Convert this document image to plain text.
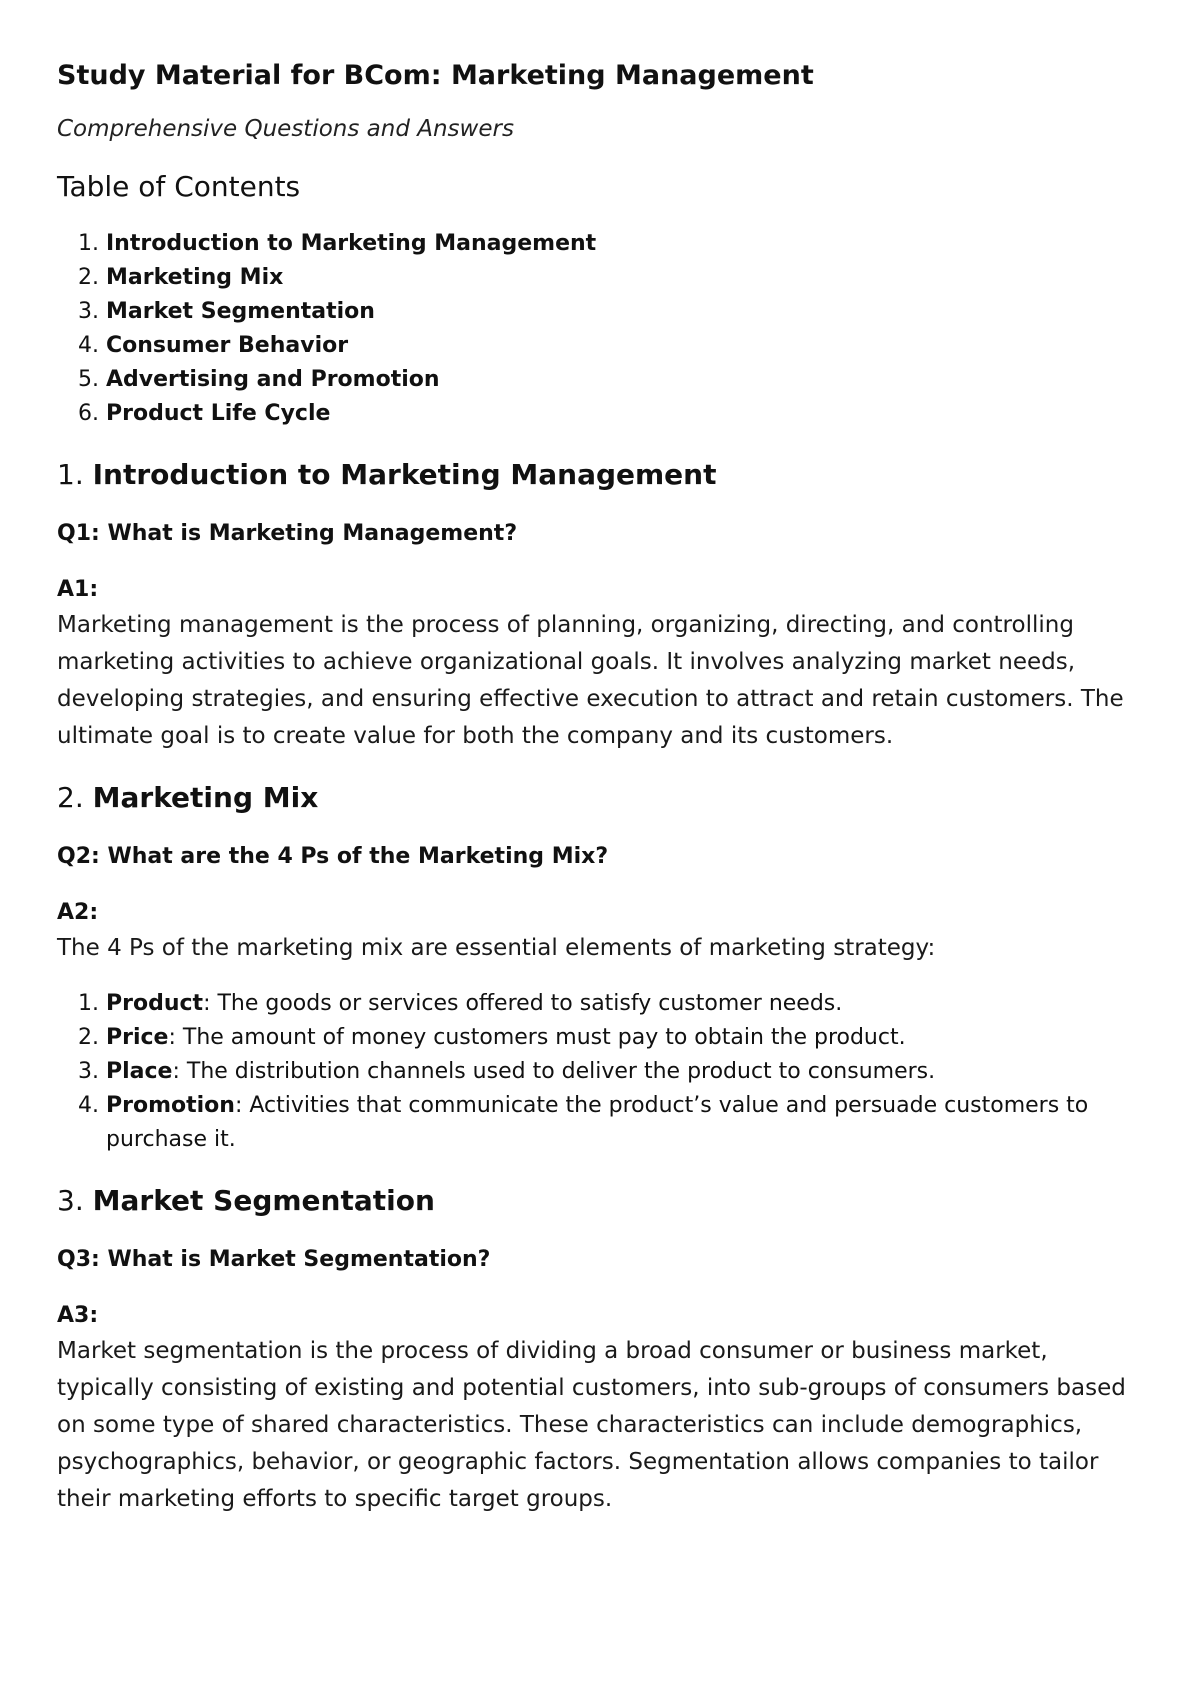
Study Material for BCom: Marketing Management

Comprehensive Questions and Answers

Table of Contents
1. Introduction to Marketing Management
2. Marketing Mix
3. Market Segmentation
4. Consumer Behavior
5. Advertising and Promotion
6. Product Life Cycle
1. Introduction to Marketing Management

Q1: What is Marketing Management?

A1:

Marketing management is the process of planning, organizing, directing, and controlling marketing activities to achieve organizational goals. It involves analyzing market needs, developing strategies, and ensuring effective execution to attract and retain customers. The ultimate goal is to create value for both the company and its customers.

2. Marketing Mix

Q2: What are the 4 Ps of the Marketing Mix?

A2:

The 4 Ps of the marketing mix are essential elements of marketing strategy:

1. Product: The goods or services offered to satisfy customer needs.
2. Price: The amount of money customers must pay to obtain the product.
3. Place: The distribution channels used to deliver the product to consumers.
4. Promotion: Activities that communicate the product’s value and persuade customers to purchase it.
3. Market Segmentation

Q3: What is Market Segmentation?

A3:

Market segmentation is the process of dividing a broad consumer or business market, typically consisting of existing and potential customers, into sub-groups of consumers based on some type of shared characteristics. These characteristics can include demographics, psychographics, behavior, or geographic factors. Segmentation allows companies to tailor their marketing efforts to specific target groups.
